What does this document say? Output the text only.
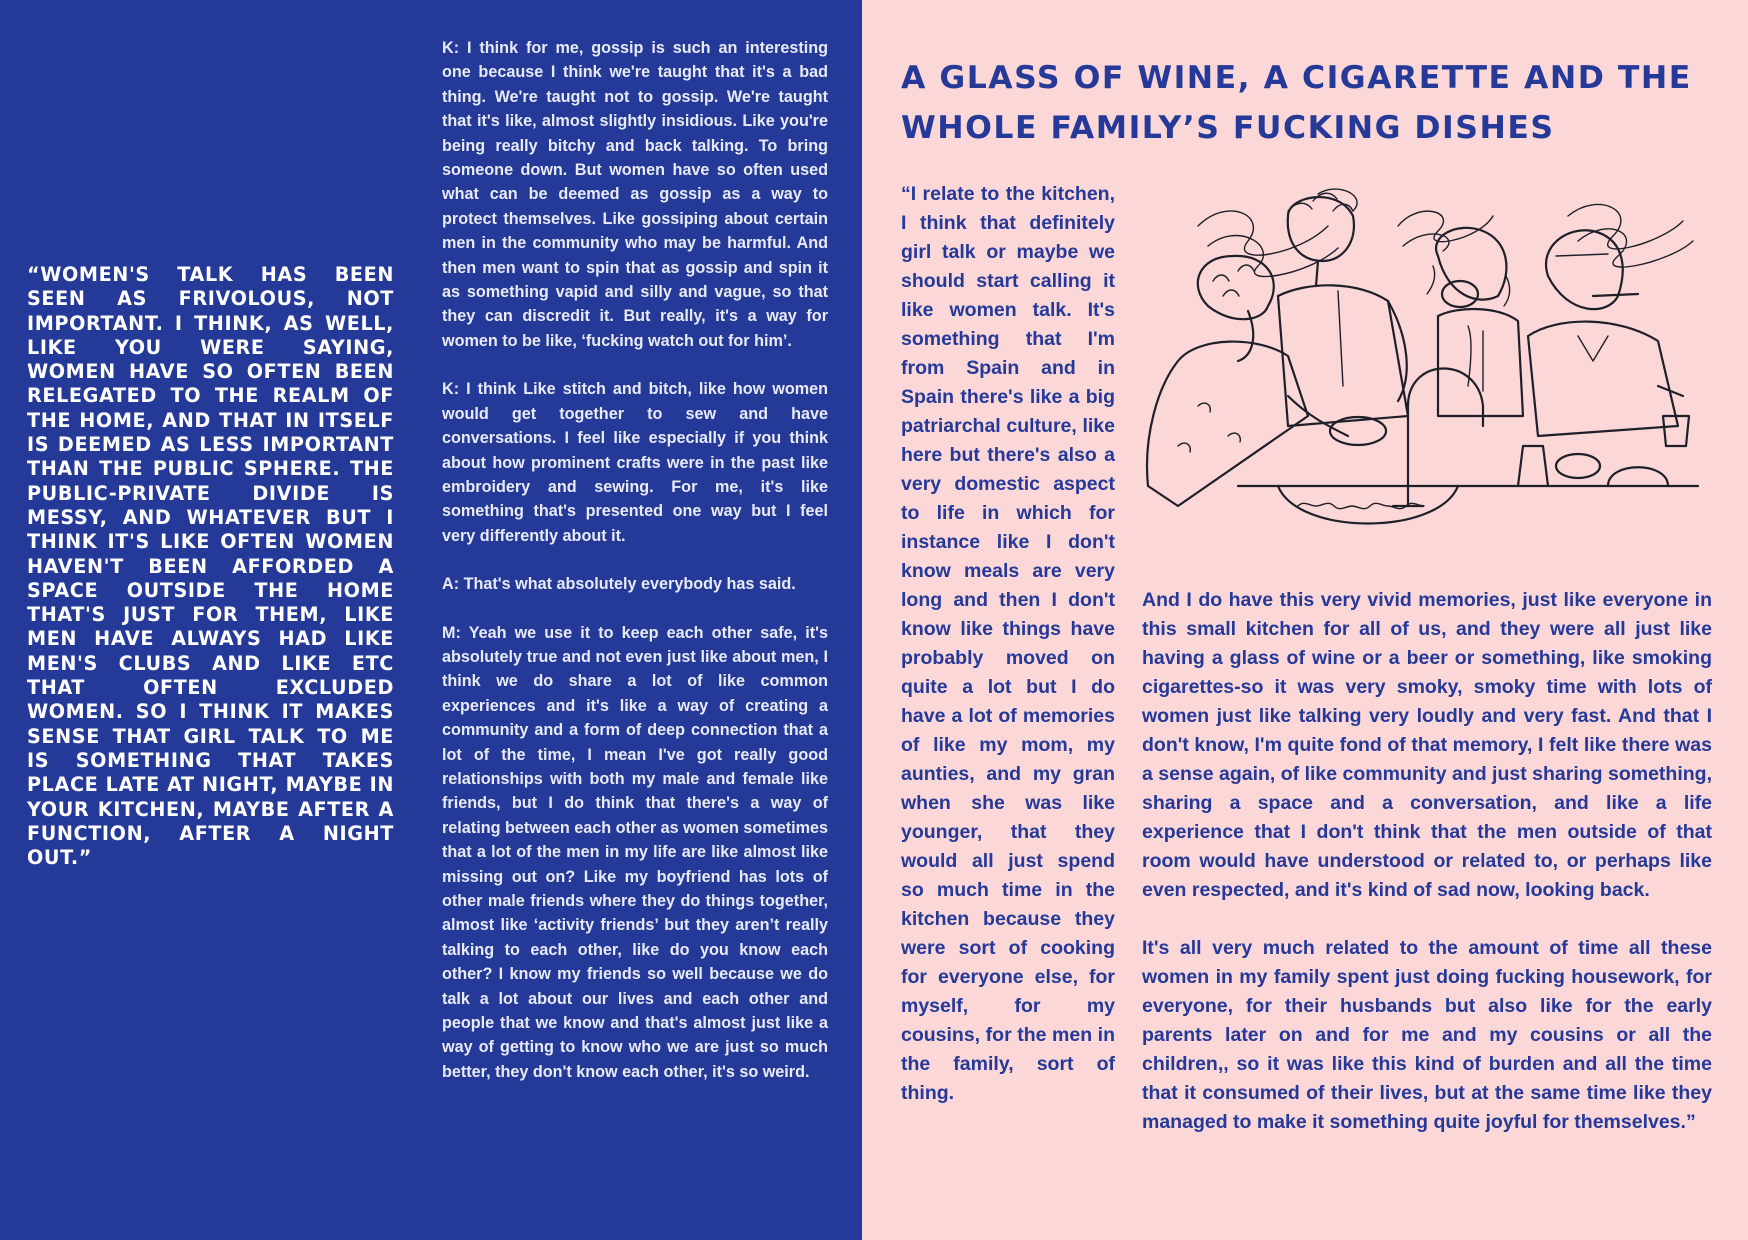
“WOMEN'S TALK HAS BEEN SEEN AS FRIVOLOUS, NOT IMPORTANT. I THINK, AS WELL, LIKE YOU WERE SAYING, WOMEN HAVE SO OFTEN BEEN RELEGATED TO THE REALM OF THE HOME, AND THAT IN ITSELF IS DEEMED AS LESS IMPORTANT THAN THE PUBLIC SPHERE. THE PUBLIC-PRIVATE DIVIDE IS MESSY, AND WHATEVER BUT I THINK IT'S LIKE OFTEN WOMEN HAVEN'T BEEN AFFORDED A SPACE OUTSIDE THE HOME THAT'S JUST FOR THEM, LIKE MEN HAVE ALWAYS HAD LIKE MEN'S CLUBS AND LIKE ETC THAT OFTEN EXCLUDED WOMEN. SO I THINK IT MAKES SENSE THAT GIRL TALK TO ME IS SOMETHING THAT TAKES PLACE LATE AT NIGHT, MAYBE IN YOUR KITCHEN, MAYBE AFTER A FUNCTION, AFTER A NIGHT OUT.”

K: I think for me, gossip is such an interesting one because I think we're taught that it's a bad thing. We're taught not to gossip. We're taught that it's like, almost slightly insidious. Like you're being really bitchy and back talking. To bring someone down. But women have so often used what can be deemed as gossip as a way to protect themselves. Like gossiping about certain men in the community who may be harmful. And then men want to spin that as gossip and spin it as something vapid and silly and vague, so that they can discredit it. But really, it's a way for women to be like, ‘fucking watch out for him’.

K: I think Like stitch and bitch, like how women would get together to sew and have conversations. I feel like especially if you think about how prominent crafts were in the past like embroidery and sewing. For me, it's like something that's presented one way but I feel very differently about it.

A: That's what absolutely everybody has said.

M: Yeah we use it to keep each other safe, it's absolutely true and not even just like about men, I think we do share a lot of like common experiences and it's like a way of creating a community and a form of deep connection that a lot of the time, I mean I've got really good relationships with both my male and female like friends, but I do think that there's a way of relating between each other as women sometimes that a lot of the men in my life are like almost like missing out on? Like my boyfriend has lots of other male friends where they do things together, almost like ‘activity friends’ but they aren’t really talking to each other, like do you know each other? I know my friends so well because we do talk a lot about our lives and each other and people that we know and that's almost just like a way of getting to know who we are just so much better, they don't know each other, it's so weird.

A GLASS OF WINE, A CIGARETTE AND THE WHOLE FAMILY’S FUCKING DISHES

“I relate to the kitchen, I think that definitely girl talk or maybe we should start calling it like women talk. It's something that I'm from Spain and in Spain there's like a big patriarchal culture, like here but there's also a very domestic aspect to life in which for instance like I don't know meals are very long and then I don't know like things have probably moved on quite a lot but I do have a lot of memories of like my mom, my aunties, and my gran when she was like younger, that they would all just spend so much time in the kitchen because they were sort of cooking for everyone else, for myself, for my cousins, for the men in the family, sort of thing.

And I do have this very vivid memories, just like everyone in this small kitchen for all of us, and they were all just like having a glass of wine or a beer or something, like smoking cigarettes-so it was very smoky, smoky time with lots of women just like talking very loudly and very fast. And that I don't know, I'm quite fond of that memory, I felt like there was a sense again, of like community and just sharing something, sharing a space and a conversation, and like a life experience that I don't think that the men outside of that room would have understood or related to, or perhaps like even respected, and it's kind of sad now, looking back.

It's all very much related to the amount of time all these women in my family spent just doing fucking housework, for everyone, for their husbands but also like for the early parents later on and for me and my cousins or all the children,, so it was like this kind of burden and all the time that it consumed of their lives, but at the same time like they managed to make it something quite joyful for themselves.”
